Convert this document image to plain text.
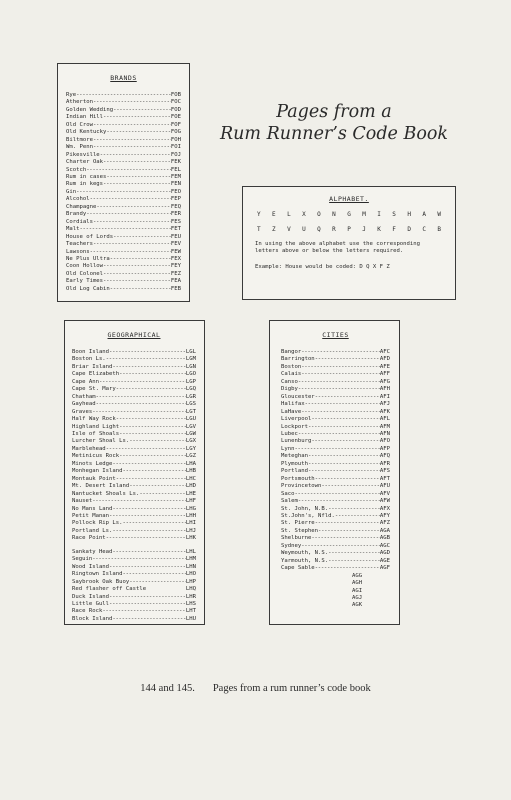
Pages from a
Rum Runner’s Code Book
BRANDS
Rye -----	FOB
Atherton -----	FOC
Golden Wedding -----	FOD
Indian Hill -----	FOE
Old Crow -----	FOF
Old Kentucky -----	FOG
Biltmore -----	FOH
Wm. Penn -----	FOI
Pikesville -----	FOJ
Charter Oak -----	FEK
Scotch -----	FEL
Rum in cases -----	FEM
Rum in kegs -----	FEN
Gin -----	FEO
Alcohol -----	FEP
Champagne -----	FEQ
Brandy -----	FER
Cordials -----	FES
Malt -----	FET
House of Lords -----	FEU
Teachers -----	FEV
Lawsons -----	FEW
Ne Plus Ultra -----	FEX
Coon Hollow -----	FEY
Old Colonel -----	FEZ
Early Times -----	FEA
Old Log Cabin -----	FEB
ALPHABET.
Y E L X O N G M I S H A W
T Z V U Q R P J K F D C B
In using the above alphabet use the corresponding letters above or below the letters required.
Example: House would be coded: D Q X F Z
GEOGRAPHICAL
Boon Island -----	LGL
Boston Ls. -----	LGM
Briar Island -----	LGN
Cape Elizabeth -----	LGO
Cape Ann -----	LGP
Cape St. Mary -----	LGQ
Chatham -----	LGR
Gayhead -----	LGS
Graves -----	LGT
Half Way Rock -----	LGU
Highland Light -----	LGV
Isle of Shoals -----	LGW
Lurcher Shoal Ls. -----	LGX
Marblehead -----	LGY
Metinicus Rock -----	LGZ
Minots Ledge -----	LHA
Monhegan Island -----	LHB
Montauk Point -----	LHC
Mt. Desert Island -----	LHD
Nantucket Shoals Ls. -----	LHE
Nauset -----	LHF
No Mans Land -----	LHG
Petit Manan -----	LHH
Pollock Rip Ls. -----	LHI
Portland Ls. -----	LHJ
Race Point -----	LHK
Sankaty Head -----	LHL
Seguin -----	LHM
Wood Island -----	LHN
Ringtown Island -----	LHO
Saybrook Oak Buoy -----	LHP
Red flasher off Castle	LHQ
Duck Island -----	LHR
Little Gull -----	LHS
Race Rock -----	LHT
Block Island -----	LHU
CITIES
Bangor -----	AFC
Barrington -----	AFD
Boston -----	AFE
Calais -----	AFF
Canso -----	AFG
Digby -----	AFH
Gloucester -----	AFI
Halifax -----	AFJ
LaHave -----	AFK
Liverpool -----	AFL
Lockport -----	AFM
Lubec -----	AFN
Lunenburg -----	AFO
Lynn -----	AFP
Meteghan -----	AFQ
Plymouth -----	AFR
Portland -----	AFS
Portsmouth -----	AFT
Provincetown -----	AFU
Saco -----	AFV
Salem -----	AFW
St. John, N.B. -----	AFX
St.John's, Nfld. -----	AFY
St. Pierre -----	AFZ
St. Stephen -----	AGA
Shelburne -----	AGB
Sydney -----	AGC
Weymouth, N.S. -----	AGD
Yarmouth, N.S. -----	AGE
Cape Sable -----	AGF
AGG
AGH
AGI
AGJ
AGK
144 and 145. Pages from a rum runner’s code book
